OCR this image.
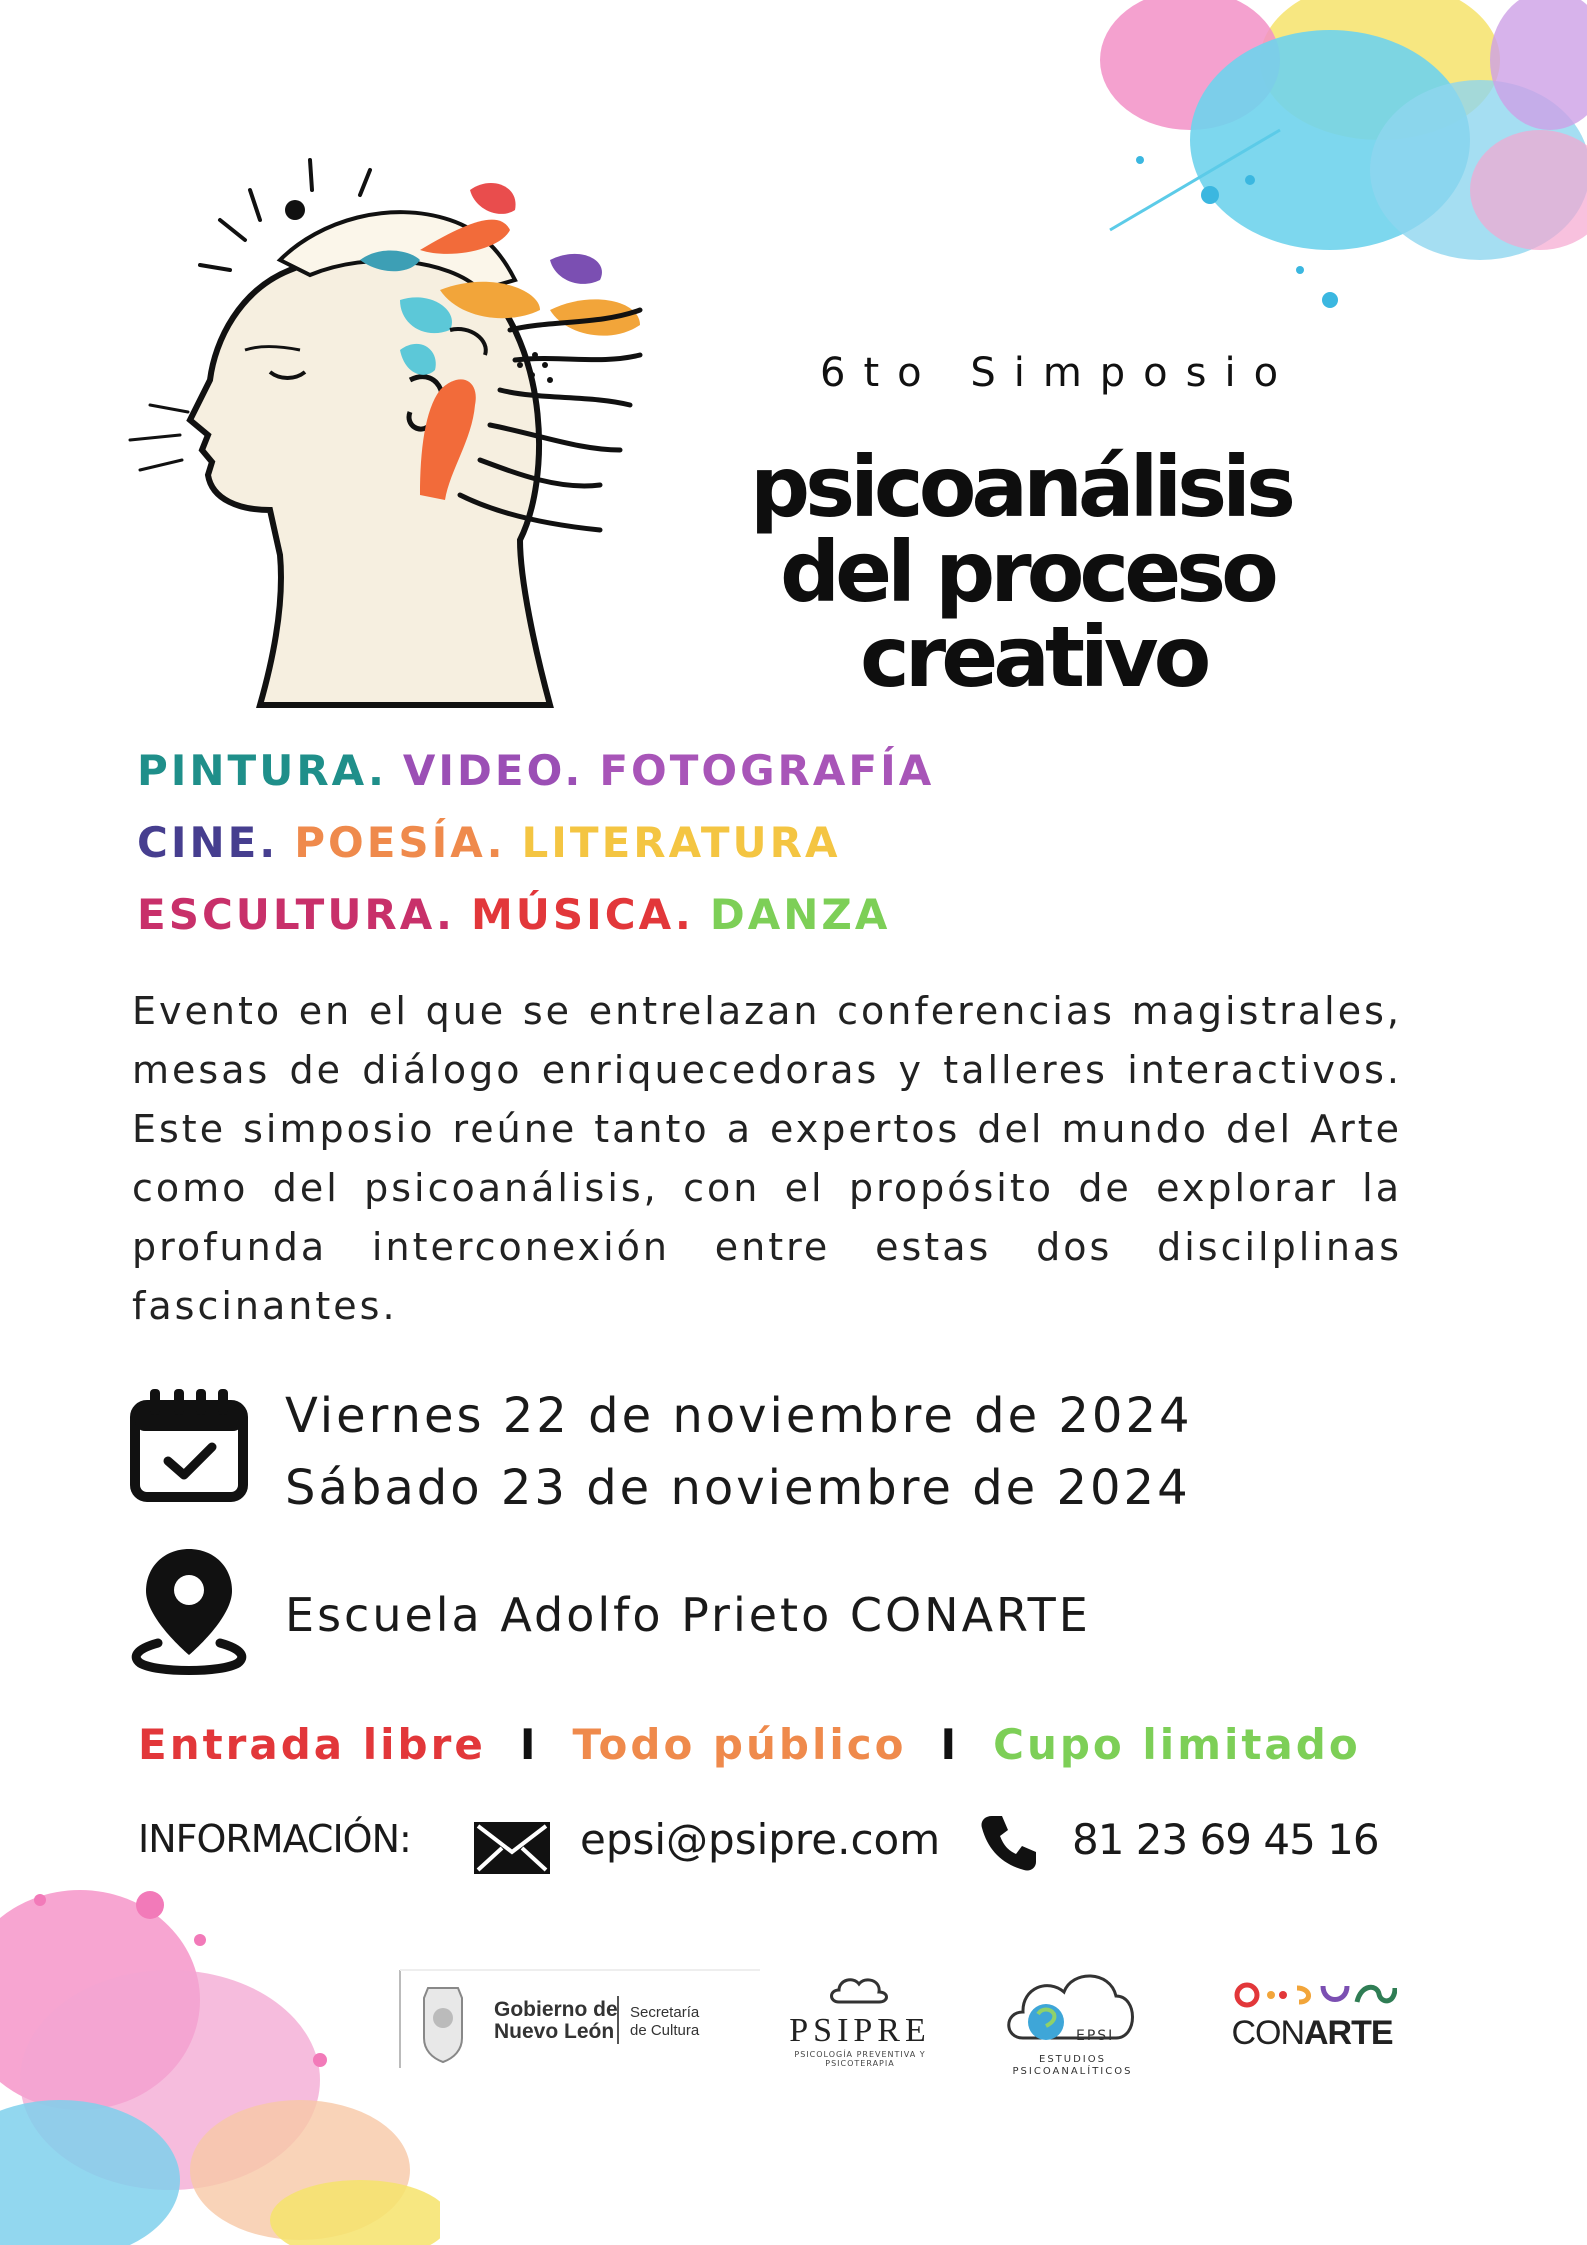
6to Simposio
psicoanálisis
del proceso
creativo
PINTURA. VIDEO. FOTOGRAFÍA
CINE. POESÍA. LITERATURA
ESCULTURA. MÚSICA. DANZA
Evento en el que se entrelazan conferencias magistrales, mesas de diálogo enriquecedoras y talleres interactivos. Este simposio reúne tanto a expertos del mundo del Arte como del psicoanálisis, con el propósito de explorar la profunda interconexión entre estas dos discilplinas fascinantes.
Viernes 22 de noviembre de 2024
Sábado 23 de noviembre de 2024
Escuela Adolfo Prieto CONARTE
Entrada libre I Todo público I Cupo limitado
INFORMACIÓN:	epsi@psipre.com	81 23 69 45 16
Gobierno de
Nuevo León
Secretaría
de Cultura	PSIPRE
PSICOLOGÍA PREVENTIVA Y PSICOTERAPIA
EPSI
ESTUDIOS
PSICOANALÍTICOS
CONARTE
